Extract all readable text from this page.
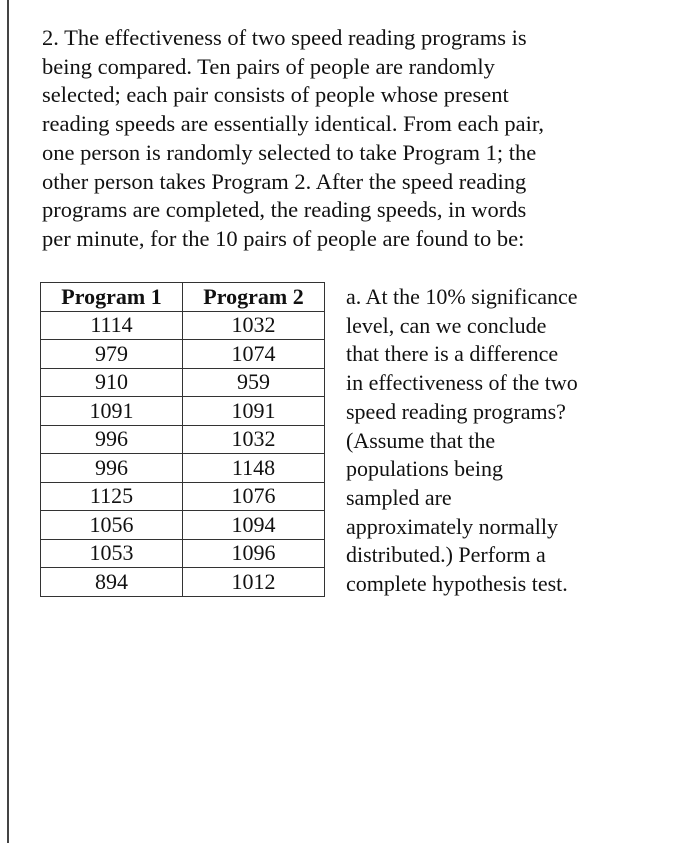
2. The effectiveness of two speed reading programs is
being compared. Ten pairs of people are randomly
selected; each pair consists of people whose present
reading speeds are essentially identical. From each pair,
one person is randomly selected to take Program 1; the
other person takes Program 2. After the speed reading
programs are completed, the reading speeds, in words
per minute, for the 10 pairs of people are found to be:
Program 1	Program 2
1114	1032
979	1074
910	959
1091	1091
996	1032
996	1148
1125	1076
1056	1094
1053	1096
894	1012
a. At the 10% significance
level, can we conclude
that there is a difference
in effectiveness of the two
speed reading programs?
(Assume that the
populations being
sampled are
approximately normally
distributed.) Perform a
complete hypothesis test.
